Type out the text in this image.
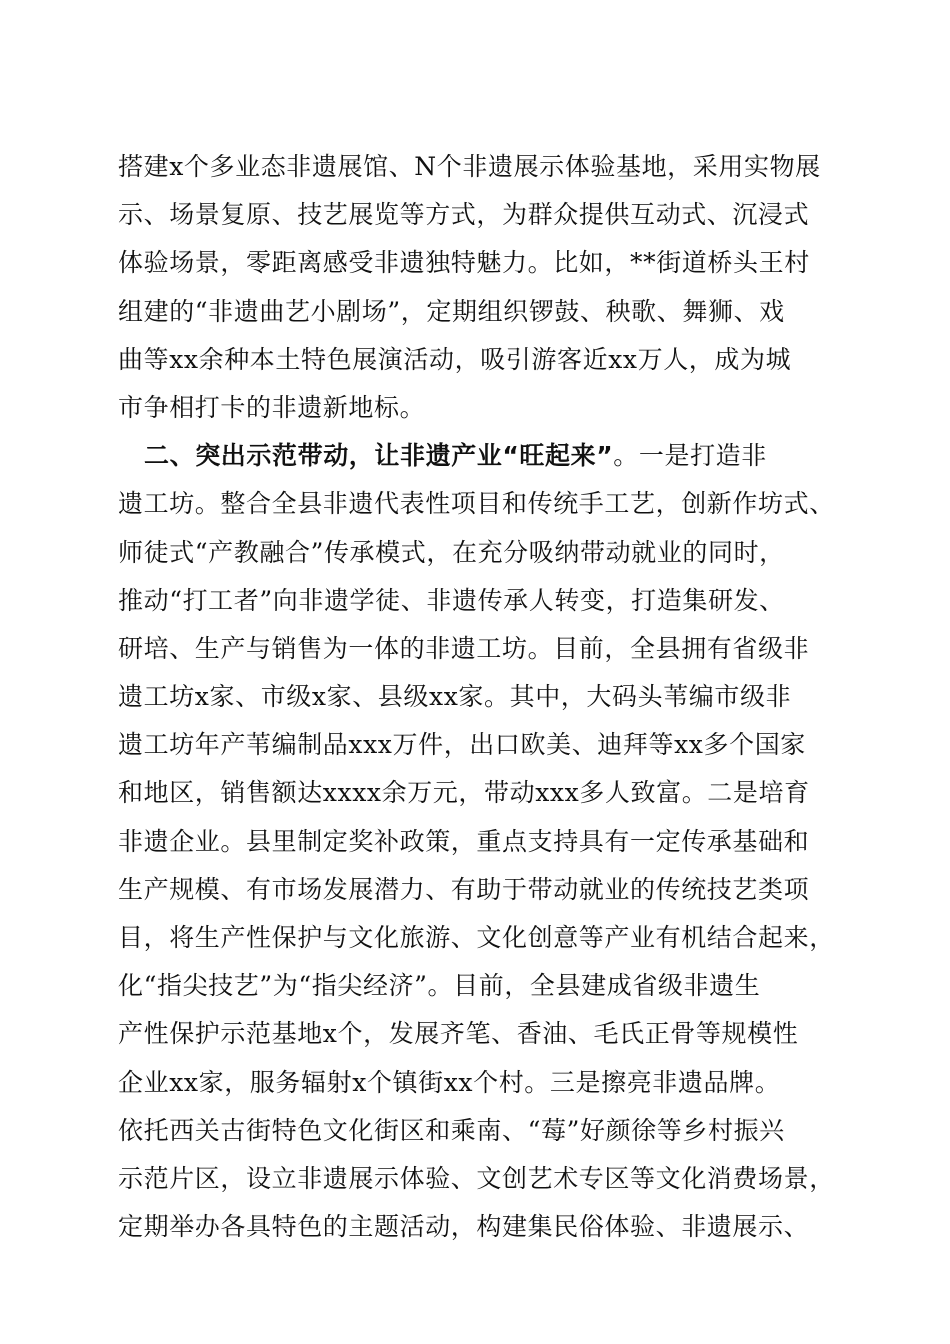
搭建x个多业态非遗展馆、N个非遗展示体验基地，采用实物展
示、场景复原、技艺展览等方式，为群众提供互动式、沉浸式
体验场景，零距离感受非遗独特魅力。比如，**街道桥头王村
组建的“非遗曲艺小剧场”，定期组织锣鼓、秧歌、舞狮、戏
曲等xx余种本土特色展演活动，吸引游客近xx万人，成为城
市争相打卡的非遗新地标。
二、突出示范带动，让非遗产业“旺起来”。一是打造非
遗工坊。整合全县非遗代表性项目和传统手工艺，创新作坊式、
师徒式“产教融合”传承模式，在充分吸纳带动就业的同时，
推动“打工者”向非遗学徒、非遗传承人转变，打造集研发、
研培、生产与销售为一体的非遗工坊。目前，全县拥有省级非
遗工坊x家、市级x家、县级xx家。其中，大码头苇编市级非
遗工坊年产苇编制品xxx万件，出口欧美、迪拜等xx多个国家
和地区，销售额达xxxx余万元，带动xxx多人致富。二是培育
非遗企业。县里制定奖补政策，重点支持具有一定传承基础和
生产规模、有市场发展潜力、有助于带动就业的传统技艺类项
目，将生产性保护与文化旅游、文化创意等产业有机结合起来，
化“指尖技艺”为“指尖经济”。目前，全县建成省级非遗生
产性保护示范基地x个，发展齐笔、香油、毛氏正骨等规模性
企业xx家，服务辐射x个镇街xx个村。三是擦亮非遗品牌。
依托西关古街特色文化街区和乘南、“莓”好颜徐等乡村振兴
示范片区，设立非遗展示体验、文创艺术专区等文化消费场景，
定期举办各具特色的主题活动，构建集民俗体验、非遗展示、
